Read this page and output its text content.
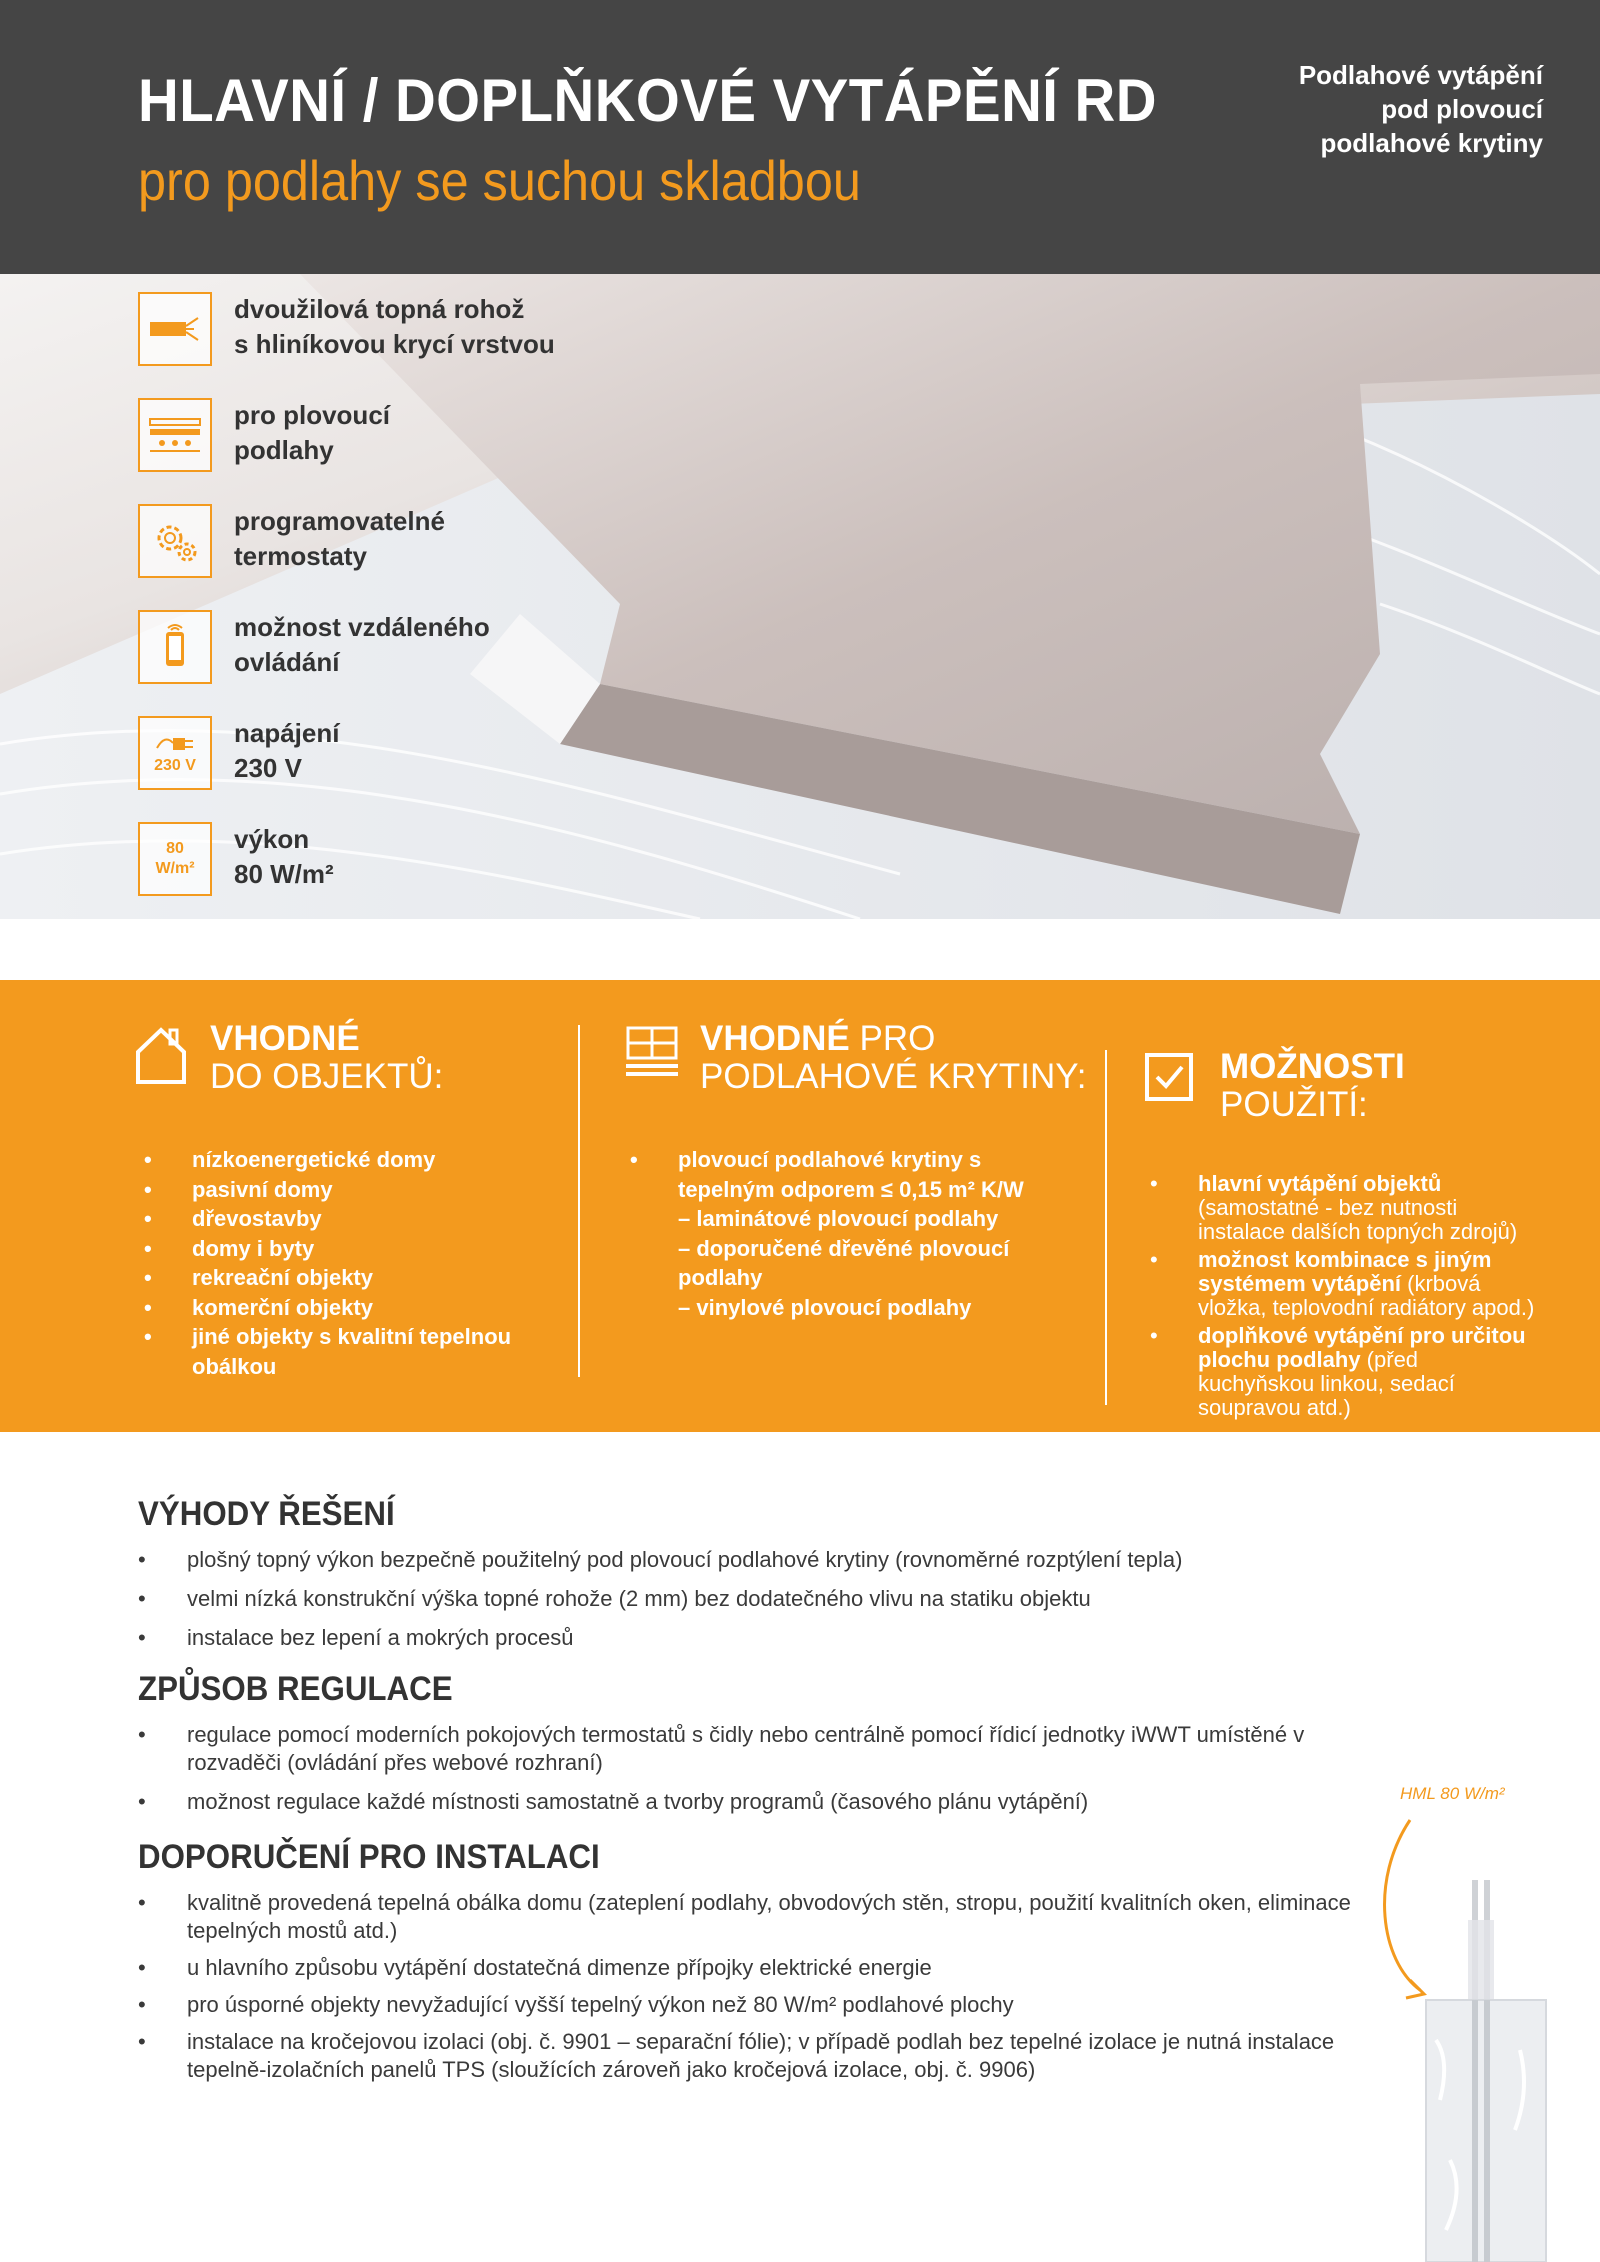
HLAVNÍ / DOPLŇKOVÉ VYTÁPĚNÍ RD
pro podlahy se suchou skladbou
Podlahové vytápění
pod plovoucí
podlahové krytiny
dvoužilová topná rohož
s hliníkovou krycí vrstvou
pro plovoucí
podlahy
programovatelné
termostaty
možnost vzdáleného
ovládání
230 V
napájení
230 V
80
W/m²
výkon
80 W/m²
VHODNÉ
DO OBJEKTŮ:
• nízkoenergetické domy
• pasivní domy
• dřevostavby
• domy i byty
• rekreační objekty
• komerční objekty
• jiné objekty s kvalitní tepelnou obálkou
VHODNÉ PRO
PODLAHOVÉ KRYTINY:
• plovoucí podlahové krytiny s tepelným odporem ≤ 0,15 m² K/W
– laminátové plovoucí podlahy
– doporučené dřevěné plovoucí podlahy
– vinylové plovoucí podlahy
MOŽNOSTI
POUŽITÍ:
• hlavní vytápění objektů (samostatné - bez nutnosti instalace dalších topných zdrojů)
• možnost kombinace s jiným systémem vytápění (krbová vložka, teplovodní radiátory apod.)
• doplňkové vytápění pro určitou plochu podlahy (před kuchyňskou linkou, sedací soupravou atd.)
VÝHODY ŘEŠENÍ
• plošný topný výkon bezpečně použitelný pod plovoucí podlahové krytiny (rovnoměrné rozptýlení tepla)
• velmi nízká konstrukční výška topné rohože (2 mm) bez dodatečného vlivu na statiku objektu
• instalace bez lepení a mokrých procesů
ZPŮSOB REGULACE
• regulace pomocí moderních pokojových termostatů s čidly nebo centrálně pomocí řídicí jednotky iWWT umístěné v rozvaděči (ovládání přes webové rozhraní)
• možnost regulace každé místnosti samostatně a tvorby programů (časového plánu vytápění)
DOPORUČENÍ PRO INSTALACI
• kvalitně provedená tepelná obálka domu (zateplení podlahy, obvodových stěn, stropu, použití kvalitních oken, eliminace tepelných mostů atd.)
• u hlavního způsobu vytápění dostatečná dimenze přípojky elektrické energie
• pro úsporné objekty nevyžadující vyšší tepelný výkon než 80 W/m² podlahové plochy
• instalace na kročejovou izolaci (obj. č. 9901 – separační fólie); v případě podlah bez tepelné izolace je nutná instalace tepelně-izolačních panelů TPS (sloužících zároveň jako kročejová izolace, obj. č. 9906)
HML 80 W/m²
